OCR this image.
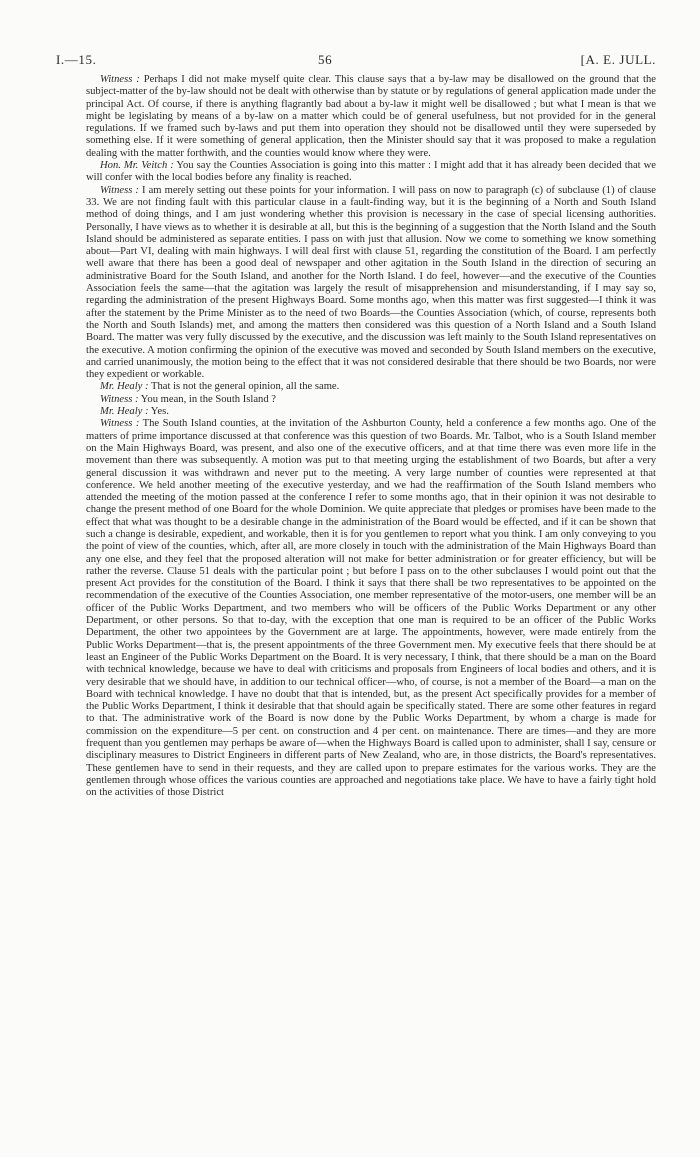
I.—15.	56	[A. E. JULL.

Witness : Perhaps I did not make myself quite clear. This clause says that a by-law may be disallowed on the ground that the subject-matter of the by-law should not be dealt with otherwise than by statute or by regulations of general application made under the principal Act. Of course, if there is anything flagrantly bad about a by-law it might well be disallowed ; but what I mean is that we might be legislating by means of a by-law on a matter which could be of general usefulness, but not provided for in the general regulations. If we framed such by-laws and put them into operation they should not be disallowed until they were superseded by something else. If it were something of general application, then the Minister should say that it was proposed to make a regulation dealing with the matter forthwith, and the counties would know where they were.

Hon. Mr. Veitch : You say the Counties Association is going into this matter : I might add that it has already been decided that we will confer with the local bodies before any finality is reached.

Witness : I am merely setting out these points for your information. I will pass on now to paragraph (c) of subclause (1) of clause 33. We are not finding fault with this particular clause in a fault-finding way, but it is the beginning of a North and South Island method of doing things, and I am just wondering whether this provision is necessary in the case of special licensing authorities. Personally, I have views as to whether it is desirable at all, but this is the beginning of a suggestion that the North Island and the South Island should be administered as separate entities. I pass on with just that allusion. Now we come to something we know something about—Part VI, dealing with main highways. I will deal first with clause 51, regarding the constitution of the Board. I am perfectly well aware that there has been a good deal of newspaper and other agitation in the South Island in the direction of securing an administrative Board for the South Island, and another for the North Island. I do feel, however—and the executive of the Counties Association feels the same—that the agitation was largely the result of misapprehension and misunderstanding, if I may say so, regarding the administration of the present Highways Board. Some months ago, when this matter was first suggested—I think it was after the statement by the Prime Minister as to the need of two Boards—the Counties Association (which, of course, represents both the North and South Islands) met, and among the matters then considered was this question of a North Island and a South Island Board. The matter was very fully discussed by the executive, and the discussion was left mainly to the South Island representatives on the executive. A motion confirming the opinion of the executive was moved and seconded by South Island members on the executive, and carried unanimously, the motion being to the effect that it was not considered desirable that there should be two Boards, nor were they expedient or workable.

Mr. Healy : That is not the general opinion, all the same.

Witness : You mean, in the South Island ?

Mr. Healy : Yes.

Witness : The South Island counties, at the invitation of the Ashburton County, held a conference a few months ago. One of the matters of prime importance discussed at that conference was this question of two Boards. Mr. Talbot, who is a South Island member on the Main Highways Board, was present, and also one of the executive officers, and at that time there was even more life in the movement than there was subsequently. A motion was put to that meeting urging the establishment of two Boards, but after a very general discussion it was withdrawn and never put to the meeting. A very large number of counties were represented at that conference. We held another meeting of the executive yesterday, and we had the reaffirmation of the South Island members who attended the meeting of the motion passed at the conference I refer to some months ago, that in their opinion it was not desirable to change the present method of one Board for the whole Dominion. We quite appreciate that pledges or promises have been made to the effect that what was thought to be a desirable change in the administration of the Board would be effected, and if it can be shown that such a change is desirable, expedient, and workable, then it is for you gentlemen to report what you think. I am only conveying to you the point of view of the counties, which, after all, are more closely in touch with the administration of the Main Highways Board than any one else, and they feel that the proposed alteration will not make for better administration or for greater efficiency, but will be rather the reverse. Clause 51 deals with the particular point ; but before I pass on to the other subclauses I would point out that the present Act provides for the constitution of the Board. I think it says that there shall be two representatives to be appointed on the recommendation of the executive of the Counties Association, one member representative of the motor-users, one member will be an officer of the Public Works Department, and two members who will be officers of the Public Works Department or any other Department, or other persons. So that to-day, with the exception that one man is required to be an officer of the Public Works Department, the other two appointees by the Government are at large. The appointments, however, were made entirely from the Public Works Department—that is, the present appointments of the three Government men. My executive feels that there should be at least an Engineer of the Public Works Department on the Board. It is very necessary, I think, that there should be a man on the Board with technical knowledge, because we have to deal with criticisms and proposals from Engineers of local bodies and others, and it is very desirable that we should have, in addition to our technical officer—who, of course, is not a member of the Board—a man on the Board with technical knowledge. I have no doubt that that is intended, but, as the present Act specifically provides for a member of the Public Works Department, I think it desirable that that should again be specifically stated. There are some other features in regard to that. The administrative work of the Board is now done by the Public Works Department, by whom a charge is made for commission on the expenditure—5 per cent. on construction and 4 per cent. on maintenance. There are times—and they are more frequent than you gentlemen may perhaps be aware of—when the Highways Board is called upon to administer, shall I say, censure or disciplinary measures to District Engineers in different parts of New Zealand, who are, in those districts, the Board's representatives. These gentlemen have to send in their requests, and they are called upon to prepare estimates for the various works. They are the gentlemen through whose offices the various counties are approached and negotiations take place. We have to have a fairly tight hold on the activities of those District
